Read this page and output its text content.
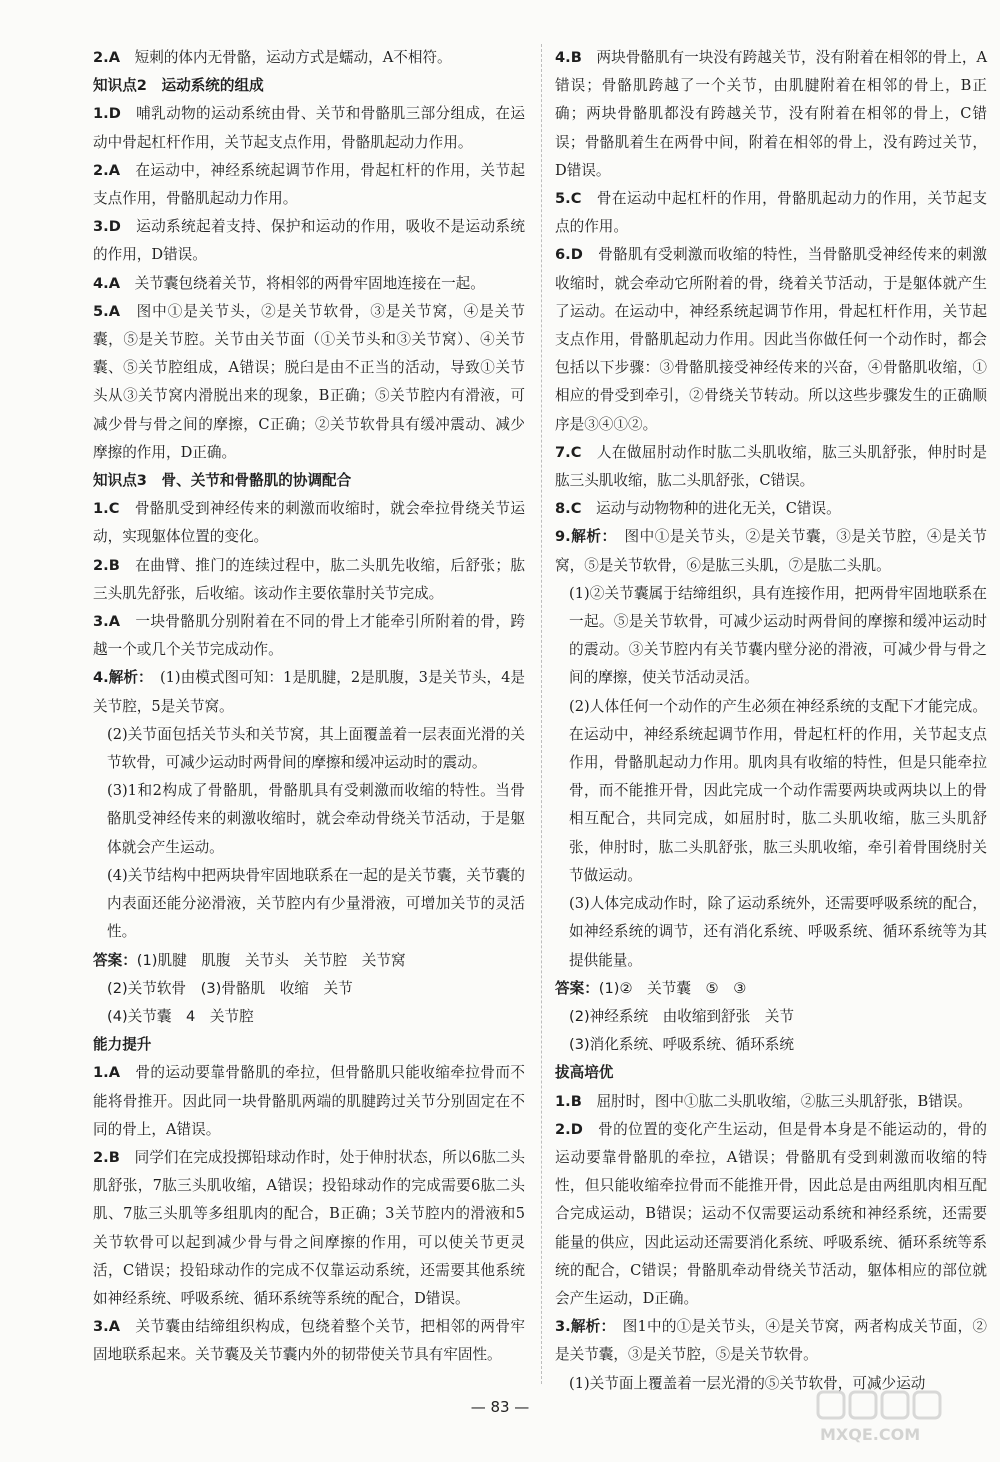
2.A　 短刺的体内无骨骼，运动方式是蠕动，A不相符。

知识点2　运动系统的组成

1.D　 哺乳动物的运动系统由骨、关节和骨骼肌三部分组成，在运动中骨起杠杆作用，关节起支点作用，骨骼肌起动力作用。

2.A　 在运动中，神经系统起调节作用，骨起杠杆的作用，关节起支点作用，骨骼肌起动力作用。

3.D　 运动系统起着支持、保护和运动的作用，吸收不是运动系统的作用，D错误。

4.A　 关节囊包绕着关节，将相邻的两骨牢固地连接在一起。

5.A　 图中①是关节头，②是关节软骨，③是关节窝，④是关节囊，⑤是关节腔。关节由关节面（①关节头和③关节窝）、④关节囊、⑤关节腔组成，A错误；脱臼是由不正当的活动，导致①关节头从③关节窝内滑脱出来的现象，B正确；⑤关节腔内有滑液，可减少骨与骨之间的摩擦，C正确；②关节软骨具有缓冲震动、减少摩擦的作用，D正确。

知识点3　骨、关节和骨骼肌的协调配合

1.C　 骨骼肌受到神经传来的刺激而收缩时，就会牵拉骨绕关节运动，实现躯体位置的变化。

2.B　 在曲臂、推门的连续过程中，肱二头肌先收缩，后舒张；肱三头肌先舒张，后收缩。该动作主要依靠肘关节完成。

3.A　 一块骨骼肌分别附着在不同的骨上才能牵引所附着的骨，跨越一个或几个关节完成动作。

4.解析：　 (1)由模式图可知：1是肌腱，2是肌腹，3是关节头，4是关节腔，5是关节窝。

(2)关节面包括关节头和关节窝，其上面覆盖着一层表面光滑的关节软骨，可减少运动时两骨间的摩擦和缓冲运动时的震动。

(3)1和2构成了骨骼肌，骨骼肌具有受刺激而收缩的特性。当骨骼肌受神经传来的刺激收缩时，就会牵动骨绕关节活动，于是躯体就会产生运动。

(4)关节结构中把两块骨牢固地联系在一起的是关节囊，关节囊的内表面还能分泌滑液，关节腔内有少量滑液，可增加关节的灵活性。

答案：(1)肌腱　肌腹　关节头　关节腔　关节窝

(2)关节软骨　(3)骨骼肌　收缩　关节

(4)关节囊　4　关节腔

能力提升

1.A　 骨的运动要靠骨骼肌的牵拉，但骨骼肌只能收缩牵拉骨而不能将骨推开。因此同一块骨骼肌两端的肌腱跨过关节分别固定在不同的骨上，A错误。

2.B　 同学们在完成投掷铅球动作时，处于伸肘状态，所以6肱二头肌舒张，7肱三头肌收缩，A错误；投铅球动作的完成需要6肱二头肌、7肱三头肌等多组肌肉的配合，B正确；3关节腔内的滑液和5关节软骨可以起到减少骨与骨之间摩擦的作用，可以使关节更灵活，C错误；投铅球动作的完成不仅靠运动系统，还需要其他系统如神经系统、呼吸系统、循环系统等系统的配合，D错误。

3.A　 关节囊由结缔组织构成，包绕着整个关节，把相邻的两骨牢固地联系起来。关节囊及关节囊内外的韧带使关节具有牢固性。

4.B　 两块骨骼肌有一块没有跨越关节，没有附着在相邻的骨上，A错误；骨骼肌跨越了一个关节，由肌腱附着在相邻的骨上，B正确；两块骨骼肌都没有跨越关节，没有附着在相邻的骨上，C错误；骨骼肌着生在两骨中间，附着在相邻的骨上，没有跨过关节，D错误。

5.C　 骨在运动中起杠杆的作用，骨骼肌起动力的作用，关节起支点的作用。

6.D　 骨骼肌有受刺激而收缩的特性，当骨骼肌受神经传来的刺激收缩时，就会牵动它所附着的骨，绕着关节活动，于是躯体就产生了运动。在运动中，神经系统起调节作用，骨起杠杆作用，关节起支点作用，骨骼肌起动力作用。因此当你做任何一个动作时，都会包括以下步骤：③骨骼肌接受神经传来的兴奋，④骨骼肌收缩，①相应的骨受到牵引，②骨绕关节转动。所以这些步骤发生的正确顺序是③④①②。

7.C　 人在做屈肘动作时肱二头肌收缩，肱三头肌舒张，伸肘时是肱三头肌收缩，肱二头肌舒张，C错误。

8.C　 运动与动物物种的进化无关，C错误。

9.解析：　 图中①是关节头，②是关节囊，③是关节腔，④是关节窝，⑤是关节软骨，⑥是肱三头肌，⑦是肱二头肌。

(1)②关节囊属于结缔组织，具有连接作用，把两骨牢固地联系在一起。⑤是关节软骨，可减少运动时两骨间的摩擦和缓冲运动时的震动。③关节腔内有关节囊内壁分泌的滑液，可减少骨与骨之间的摩擦，使关节活动灵活。

(2)人体任何一个动作的产生必须在神经系统的支配下才能完成。在运动中，神经系统起调节作用，骨起杠杆的作用，关节起支点作用，骨骼肌起动力作用。肌肉具有收缩的特性，但是只能牵拉骨，而不能推开骨，因此完成一个动作需要两块或两块以上的骨相互配合，共同完成，如屈肘时，肱二头肌收缩，肱三头肌舒张，伸肘时，肱二头肌舒张，肱三头肌收缩，牵引着骨围绕肘关节做运动。

(3)人体完成动作时，除了运动系统外，还需要呼吸系统的配合，如神经系统的调节，还有消化系统、呼吸系统、循环系统等为其提供能量。

答案：(1)②　关节囊　⑤　③

(2)神经系统　由收缩到舒张　关节

(3)消化系统、呼吸系统、循环系统

拔高培优

1.B　 屈肘时，图中①肱二头肌收缩，②肱三头肌舒张，B错误。

2.D　 骨的位置的变化产生运动，但是骨本身是不能运动的，骨的运动要靠骨骼肌的牵拉，A错误；骨骼肌有受到刺激而收缩的特性，但只能收缩牵拉骨而不能推开骨，因此总是由两组肌肉相互配合完成运动，B错误；运动不仅需要运动系统和神经系统，还需要能量的供应，因此运动还需要消化系统、呼吸系统、循环系统等系统的配合，C错误；骨骼肌牵动骨绕关节活动，躯体相应的部位就会产生运动，D正确。

3.解析：　 图1中的①是关节头，④是关节窝，两者构成关节面，②是关节囊，③是关节腔，⑤是关节软骨。

(1)关节面上覆盖着一层光滑的⑤关节软骨，可减少运动

— 83 —
MXQE.COM
